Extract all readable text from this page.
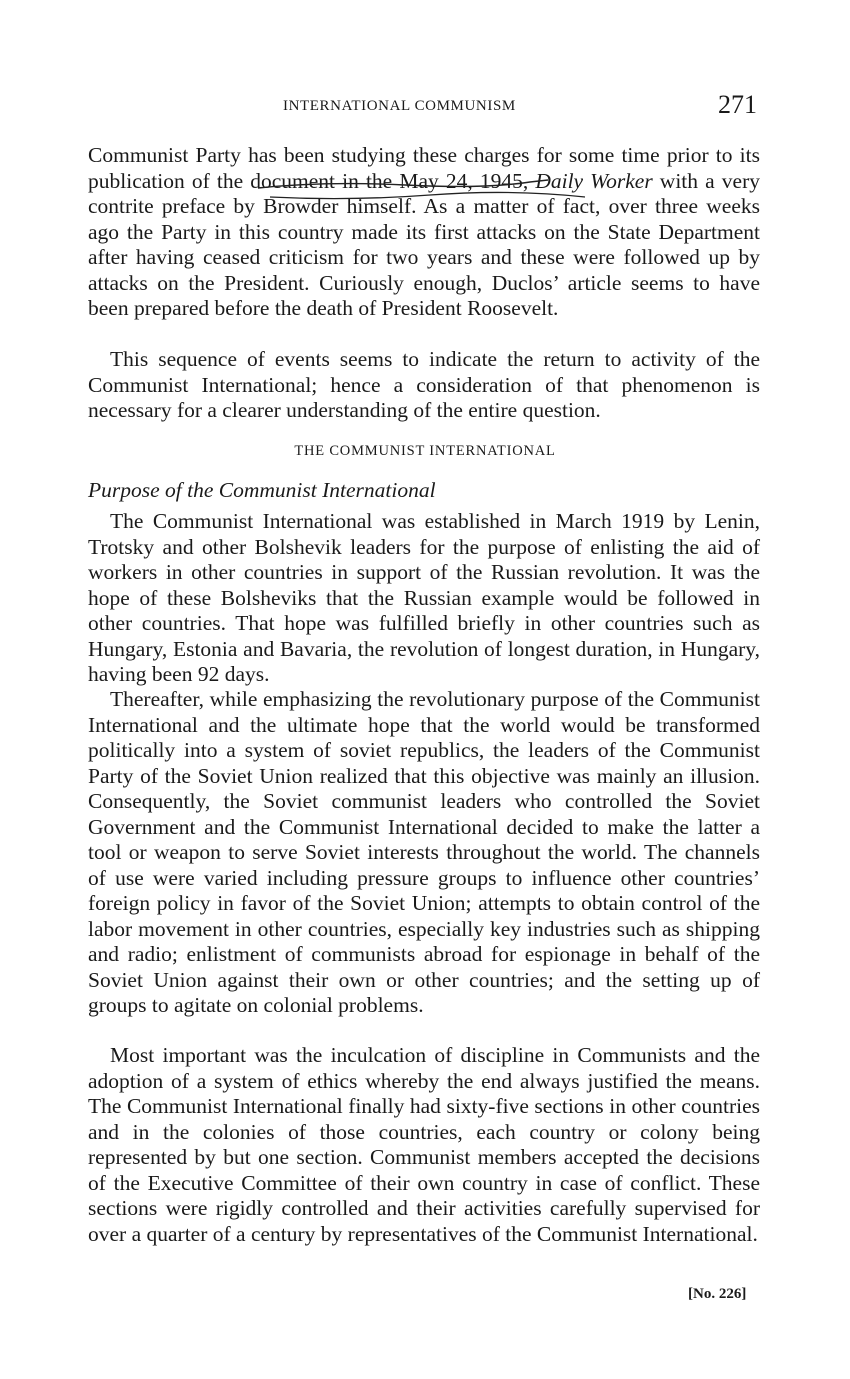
INTERNATIONAL COMMUNISM	271
Communist Party has been studying these charges for some time prior to its publication of the document in the May 24, 1945, Daily Worker with a very contrite preface by Browder himself. As a matter of fact, over three weeks ago the Party in this country made its first attacks on the State Department after having ceased criticism for two years and these were followed up by attacks on the President. Curiously enough, Duclos’ article seems to have been prepared before the death of President Roosevelt.
This sequence of events seems to indicate the return to activity of the Communist International; hence a consideration of that phenomenon is necessary for a clearer understanding of the entire question.
THE COMMUNIST INTERNATIONAL
Purpose of the Communist International
The Communist International was established in March 1919 by Lenin, Trotsky and other Bolshevik leaders for the purpose of enlisting the aid of workers in other countries in support of the Russian revolution. It was the hope of these Bolsheviks that the Russian example would be followed in other countries. That hope was fulfilled briefly in other countries such as Hungary, Estonia and Bavaria, the revolution of longest duration, in Hungary, having been 92 days.
Thereafter, while emphasizing the revolutionary purpose of the Communist International and the ultimate hope that the world would be transformed politically into a system of soviet republics, the leaders of the Communist Party of the Soviet Union realized that this objective was mainly an illusion. Consequently, the Soviet communist leaders who controlled the Soviet Government and the Communist International decided to make the latter a tool or weapon to serve Soviet interests throughout the world. The channels of use were varied including pressure groups to influence other countries’ foreign policy in favor of the Soviet Union; attempts to obtain control of the labor movement in other countries, especially key industries such as shipping and radio; enlistment of communists abroad for espionage in behalf of the Soviet Union against their own or other countries; and the setting up of groups to agitate on colonial problems.
Most important was the inculcation of discipline in Communists and the adoption of a system of ethics whereby the end always justified the means. The Communist International finally had sixty-five sections in other countries and in the colonies of those countries, each country or colony being represented by but one section. Communist members accepted the decisions of the Executive Committee of their own country in case of conflict. These sections were rigidly controlled and their activities carefully supervised for over a quarter of a century by representatives of the Communist International.
[No. 226]
